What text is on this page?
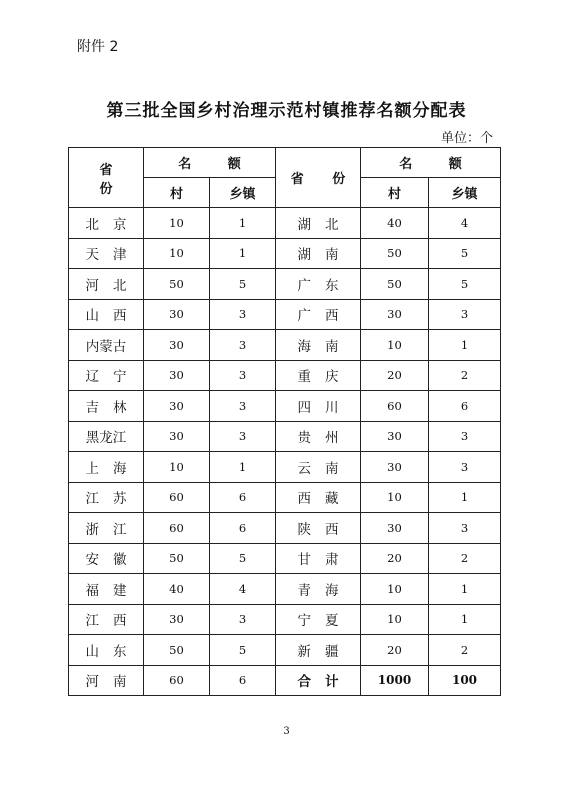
附件 2
第三批全国乡村治理示范村镇推荐名额分配表
单位：个
省 份	名 额		省 份	名 额	
	村	乡镇		村	乡镇
北京	10	1	湖北	40	4
天津	10	1	湖南	50	5
河北	50	5	广东	50	5
山西	30	3	广西	30	3
内蒙古	30	3	海南	10	1
辽宁	30	3	重庆	20	2
吉林	30	3	四川	60	6
黑龙江	30	3	贵州	30	3
上海	10	1	云南	30	3
江苏	60	6	西藏	10	1
浙江	60	6	陕西	30	3
安徽	50	5	甘肃	20	2
福建	40	4	青海	10	1
江西	30	3	宁夏	10	1
山东	50	5	新疆	20	2
河南	60	6	合计	1000	100
3
